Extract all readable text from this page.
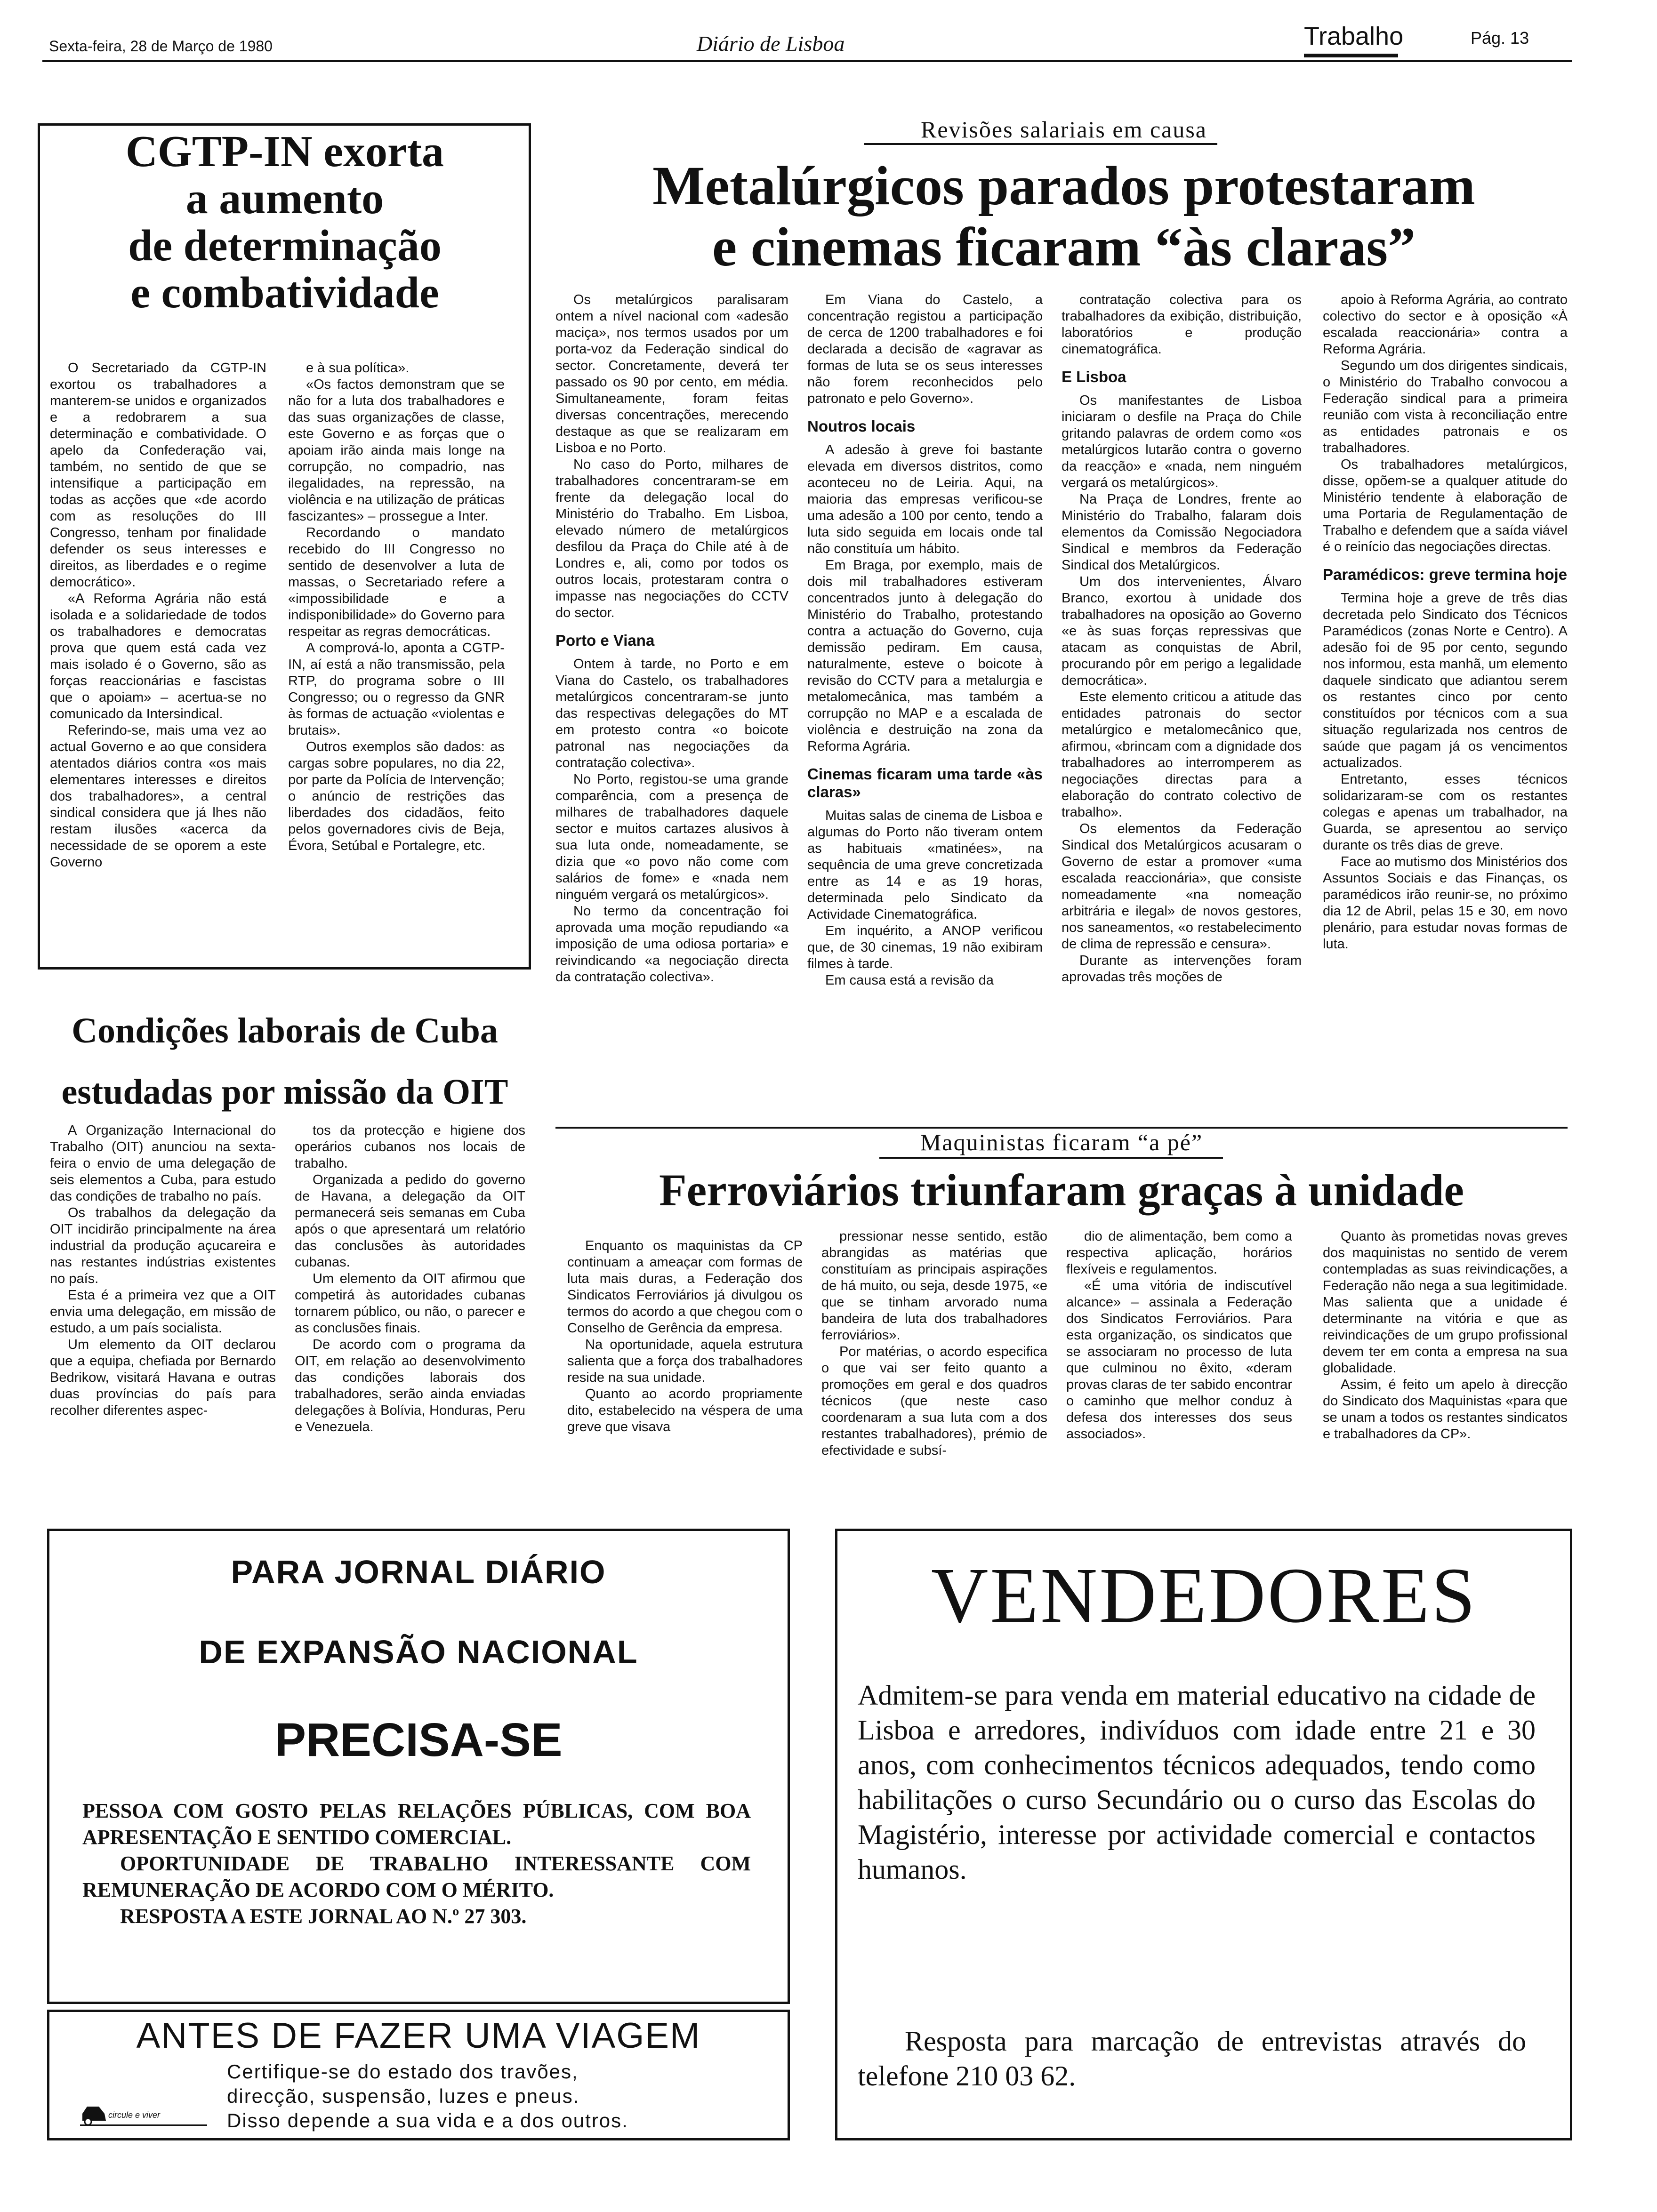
Sexta-feira, 28 de Março de 1980	Diário de Lisboa	Trabalho	Pág. 13
CGTP-IN exorta
a aumento
de determinação
e combatividade

O Secretariado da CGTP-IN exortou os trabalhadores a manterem-se unidos e organizados e a redobrarem a sua determinação e combatividade. O apelo da Confederação vai, também, no sentido de que se intensifique a participação em todas as acções que «de acordo com as resoluções do III Congresso, tenham por finalidade defender os seus interesses e direitos, as liberdades e o regime democrático».

«A Reforma Agrária não está isolada e a solidariedade de todos os trabalhadores e democratas prova que quem está cada vez mais isolado é o Governo, são as forças reaccionárias e fascistas que o apoiam» – acertua-se no comunicado da Intersindical.

Referindo-se, mais uma vez ao actual Governo e ao que considera atentados diários contra «os mais elementares interesses e direitos dos trabalhadores», a central sindical considera que já lhes não restam ilusões «acerca da necessidade de se oporem a este Governo

e à sua política».

«Os factos demonstram que se não for a luta dos trabalhadores e das suas organizações de classe, este Governo e as forças que o apoiam irão ainda mais longe na corrupção, no compadrio, nas ilegalidades, na repressão, na violência e na utilização de práticas fascizantes» – prossegue a Inter.

Recordando o mandato recebido do III Congresso no sentido de desenvolver a luta de massas, o Secretariado refere a «impossibilidade e a indisponibilidade» do Governo para respeitar as regras democráticas.

A comprová-lo, aponta a CGTP-IN, aí está a não transmissão, pela RTP, do programa sobre o III Congresso; ou o regresso da GNR às formas de actuação «violentas e brutais».

Outros exemplos são dados: as cargas sobre populares, no dia 22, por parte da Polícia de Intervenção; o anúncio de restrições das liberdades dos cidadãos, feito pelos governadores civis de Beja, Évora, Setúbal e Portalegre, etc.

Condições laborais de Cuba
estudadas por missão da OIT

A Organização Internacional do Trabalho (OIT) anunciou na sexta-feira o envio de uma delegação de seis elementos a Cuba, para estudo das condições de trabalho no país.

Os trabalhos da delegação da OIT incidirão principalmente na área industrial da produção açucareira e nas restantes indústrias existentes no país.

Esta é a primeira vez que a OIT envia uma delegação, em missão de estudo, a um país socialista.

Um elemento da OIT declarou que a equipa, chefiada por Bernardo Bedrikow, visitará Havana e outras duas províncias do país para recolher diferentes aspec-

tos da protecção e higiene dos operários cubanos nos locais de trabalho.

Organizada a pedido do governo de Havana, a delegação da OIT permanecerá seis semanas em Cuba após o que apresentará um relatório das conclusões às autoridades cubanas.

Um elemento da OIT afirmou que competirá às autoridades cubanas tornarem público, ou não, o parecer e as conclusões finais.

De acordo com o programa da OIT, em relação ao desenvolvimento das condições laborais dos trabalhadores, serão ainda enviadas delegações à Bolívia, Honduras, Peru e Venezuela.

Revisões salariais em causa
Metalúrgicos parados protestaram
e cinemas ficaram “às claras”

Os metalúrgicos paralisaram ontem a nível nacional com «adesão maciça», nos termos usados por um porta-voz da Federação sindical do sector. Concretamente, deverá ter passado os 90 por cento, em média. Simultaneamente, foram feitas diversas concentrações, merecendo destaque as que se realizaram em Lisboa e no Porto.

No caso do Porto, milhares de trabalhadores concentraram-se em frente da delegação local do Ministério do Trabalho. Em Lisboa, elevado número de metalúrgicos desfilou da Praça do Chile até à de Londres e, ali, como por todos os outros locais, protestaram contra o impasse nas negociações do CCTV do sector.

Porto e Viana

Ontem à tarde, no Porto e em Viana do Castelo, os trabalhadores metalúrgicos concentraram-se junto das respectivas delegações do MT em protesto contra «o boicote patronal nas negociações da contratação colectiva».

No Porto, registou-se uma grande comparência, com a presença de milhares de trabalhadores daquele sector e muitos cartazes alusivos à sua luta onde, nomeadamente, se dizia que «o povo não come com salários de fome» e «nada nem ninguém vergará os metalúrgicos».

No termo da concentração foi aprovada uma moção repudiando «a imposição de uma odiosa portaria» e reivindicando «a negociação directa da contratação colectiva».

Em Viana do Castelo, a concentração registou a participação de cerca de 1200 trabalhadores e foi declarada a decisão de «agravar as formas de luta se os seus interesses não forem reconhecidos pelo patronato e pelo Governo».

Noutros locais

A adesão à greve foi bastante elevada em diversos distritos, como aconteceu no de Leiria. Aqui, na maioria das empresas verificou-se uma adesão a 100 por cento, tendo a luta sido seguida em locais onde tal não constituía um hábito.

Em Braga, por exemplo, mais de dois mil trabalhadores estiveram concentrados junto à delegação do Ministério do Trabalho, protestando contra a actuação do Governo, cuja demissão pediram. Em causa, naturalmente, esteve o boicote à revisão do CCTV para a metalurgia e metalomecânica, mas também a corrupção no MAP e a escalada de violência e destruição na zona da Reforma Agrária.

Cinemas ficaram uma tarde «às claras»

Muitas salas de cinema de Lisboa e algumas do Porto não tiveram ontem as habituais «matinées», na sequência de uma greve concretizada entre as 14 e as 19 horas, determinada pelo Sindicato da Actividade Cinematográfica.

Em inquérito, a ANOP verificou que, de 30 cinemas, 19 não exibiram filmes à tarde.

Em causa está a revisão da

contratação colectiva para os trabalhadores da exibição, distribuição, laboratórios e produção cinematográfica.

E Lisboa

Os manifestantes de Lisboa iniciaram o desfile na Praça do Chile gritando palavras de ordem como «os metalúrgicos lutarão contra o governo da reacção» e «nada, nem ninguém vergará os metalúrgicos».

Na Praça de Londres, frente ao Ministério do Trabalho, falaram dois elementos da Comissão Negociadora Sindical e membros da Federação Sindical dos Metalúrgicos.

Um dos intervenientes, Álvaro Branco, exortou à unidade dos trabalhadores na oposição ao Governo «e às suas forças repressivas que atacam as conquistas de Abril, procurando pôr em perigo a legalidade democrática».

Este elemento criticou a atitude das entidades patronais do sector metalúrgico e metalomecânico que, afirmou, «brincam com a dignidade dos trabalhadores ao interromperem as negociações directas para a elaboração do contrato colectivo de trabalho».

Os elementos da Federação Sindical dos Metalúrgicos acusaram o Governo de estar a promover «uma escalada reaccionária», que consiste nomeadamente «na nomeação arbitrária e ilegal» de novos gestores, nos saneamentos, «o restabelecimento de clima de repressão e censura».

Durante as intervenções foram aprovadas três moções de

apoio à Reforma Agrária, ao contrato colectivo do sector e à oposição «À escalada reaccionária» contra a Reforma Agrária.

Segundo um dos dirigentes sindicais, o Ministério do Trabalho convocou a Federação sindical para a primeira reunião com vista à reconciliação entre as entidades patronais e os trabalhadores.

Os trabalhadores metalúrgicos, disse, opõem-se a qualquer atitude do Ministério tendente à elaboração de uma Portaria de Regulamentação de Trabalho e defendem que a saída viável é o reinício das negociações directas.

Paramédicos: greve termina hoje

Termina hoje a greve de três dias decretada pelo Sindicato dos Técnicos Paramédicos (zonas Norte e Centro). A adesão foi de 95 por cento, segundo nos informou, esta manhã, um elemento daquele sindicato que adiantou serem os restantes cinco por cento constituídos por técnicos com a sua situação regularizada nos centros de saúde que pagam já os vencimentos actualizados.

Entretanto, esses técnicos solidarizaram-se com os restantes colegas e apenas um trabalhador, na Guarda, se apresentou ao serviço durante os três dias de greve.

Face ao mutismo dos Ministérios dos Assuntos Sociais e das Finanças, os paramédicos irão reunir-se, no próximo dia 12 de Abril, pelas 15 e 30, em novo plenário, para estudar novas formas de luta.

Maquinistas ficaram “a pé”
Ferroviários triunfaram graças à unidade

Enquanto os maquinistas da CP continuam a ameaçar com formas de luta mais duras, a Federação dos Sindicatos Ferroviários já divulgou os termos do acordo a que chegou com o Conselho de Gerência da empresa.

Na oportunidade, aquela estrutura salienta que a força dos trabalhadores reside na sua unidade.

Quanto ao acordo propriamente dito, estabelecido na véspera de uma greve que visava

pressionar nesse sentido, estão abrangidas as matérias que constituíam as principais aspirações de há muito, ou seja, desde 1975, «e que se tinham arvorado numa bandeira de luta dos trabalhadores ferroviários».

Por matérias, o acordo especifica o que vai ser feito quanto a promoções em geral e dos quadros técnicos (que neste caso coordenaram a sua luta com a dos restantes trabalhadores), prémio de efectividade e subsí-

dio de alimentação, bem como a respectiva aplicação, horários flexíveis e regulamentos.

«É uma vitória de indiscutível alcance» – assinala a Federação dos Sindicatos Ferroviários. Para esta organização, os sindicatos que se associaram no processo de luta que culminou no êxito, «deram provas claras de ter sabido encontrar o caminho que melhor conduz à defesa dos interesses dos seus associados».

Quanto às prometidas novas greves dos maquinistas no sentido de verem contempladas as suas reivindicações, a Federação não nega a sua legitimidade. Mas salienta que a unidade é determinante na vitória e que as reivindicações de um grupo profissional devem ter em conta a empresa na sua globalidade.

Assim, é feito um apelo à direcção do Sindicato dos Maquinistas «para que se unam a todos os restantes sindicatos e trabalhadores da CP».

PARA JORNAL DIÁRIO
DE EXPANSÃO NACIONAL
PRECISA-SE
PESSOA COM GOSTO PELAS RELAÇÕES PÚBLICAS, COM BOA APRESENTAÇÃO E SENTIDO COMERCIAL.
OPORTUNIDADE DE TRABALHO INTERESSANTE COM REMUNERAÇÃO DE ACORDO COM O MÉRITO.
RESPOSTA A ESTE JORNAL AO N.º 27 303.
ANTES DE FAZER UMA VIAGEM
Certifique-se do estado dos travões,
direcção, suspensão, luzes e pneus.
Disso depende a sua vida e a dos outros.
circule e viver
VENDEDORES
Admitem-se para venda em material educativo na cidade de Lisboa e arredores, indivíduos com idade entre 21 e 30 anos, com conhecimentos técnicos adequados, tendo como habilitações o curso Secundário ou o curso das Escolas do Magistério, interesse por actividade comercial e contactos humanos.
Resposta para marcação de entrevistas através do telefone 210 03 62.
